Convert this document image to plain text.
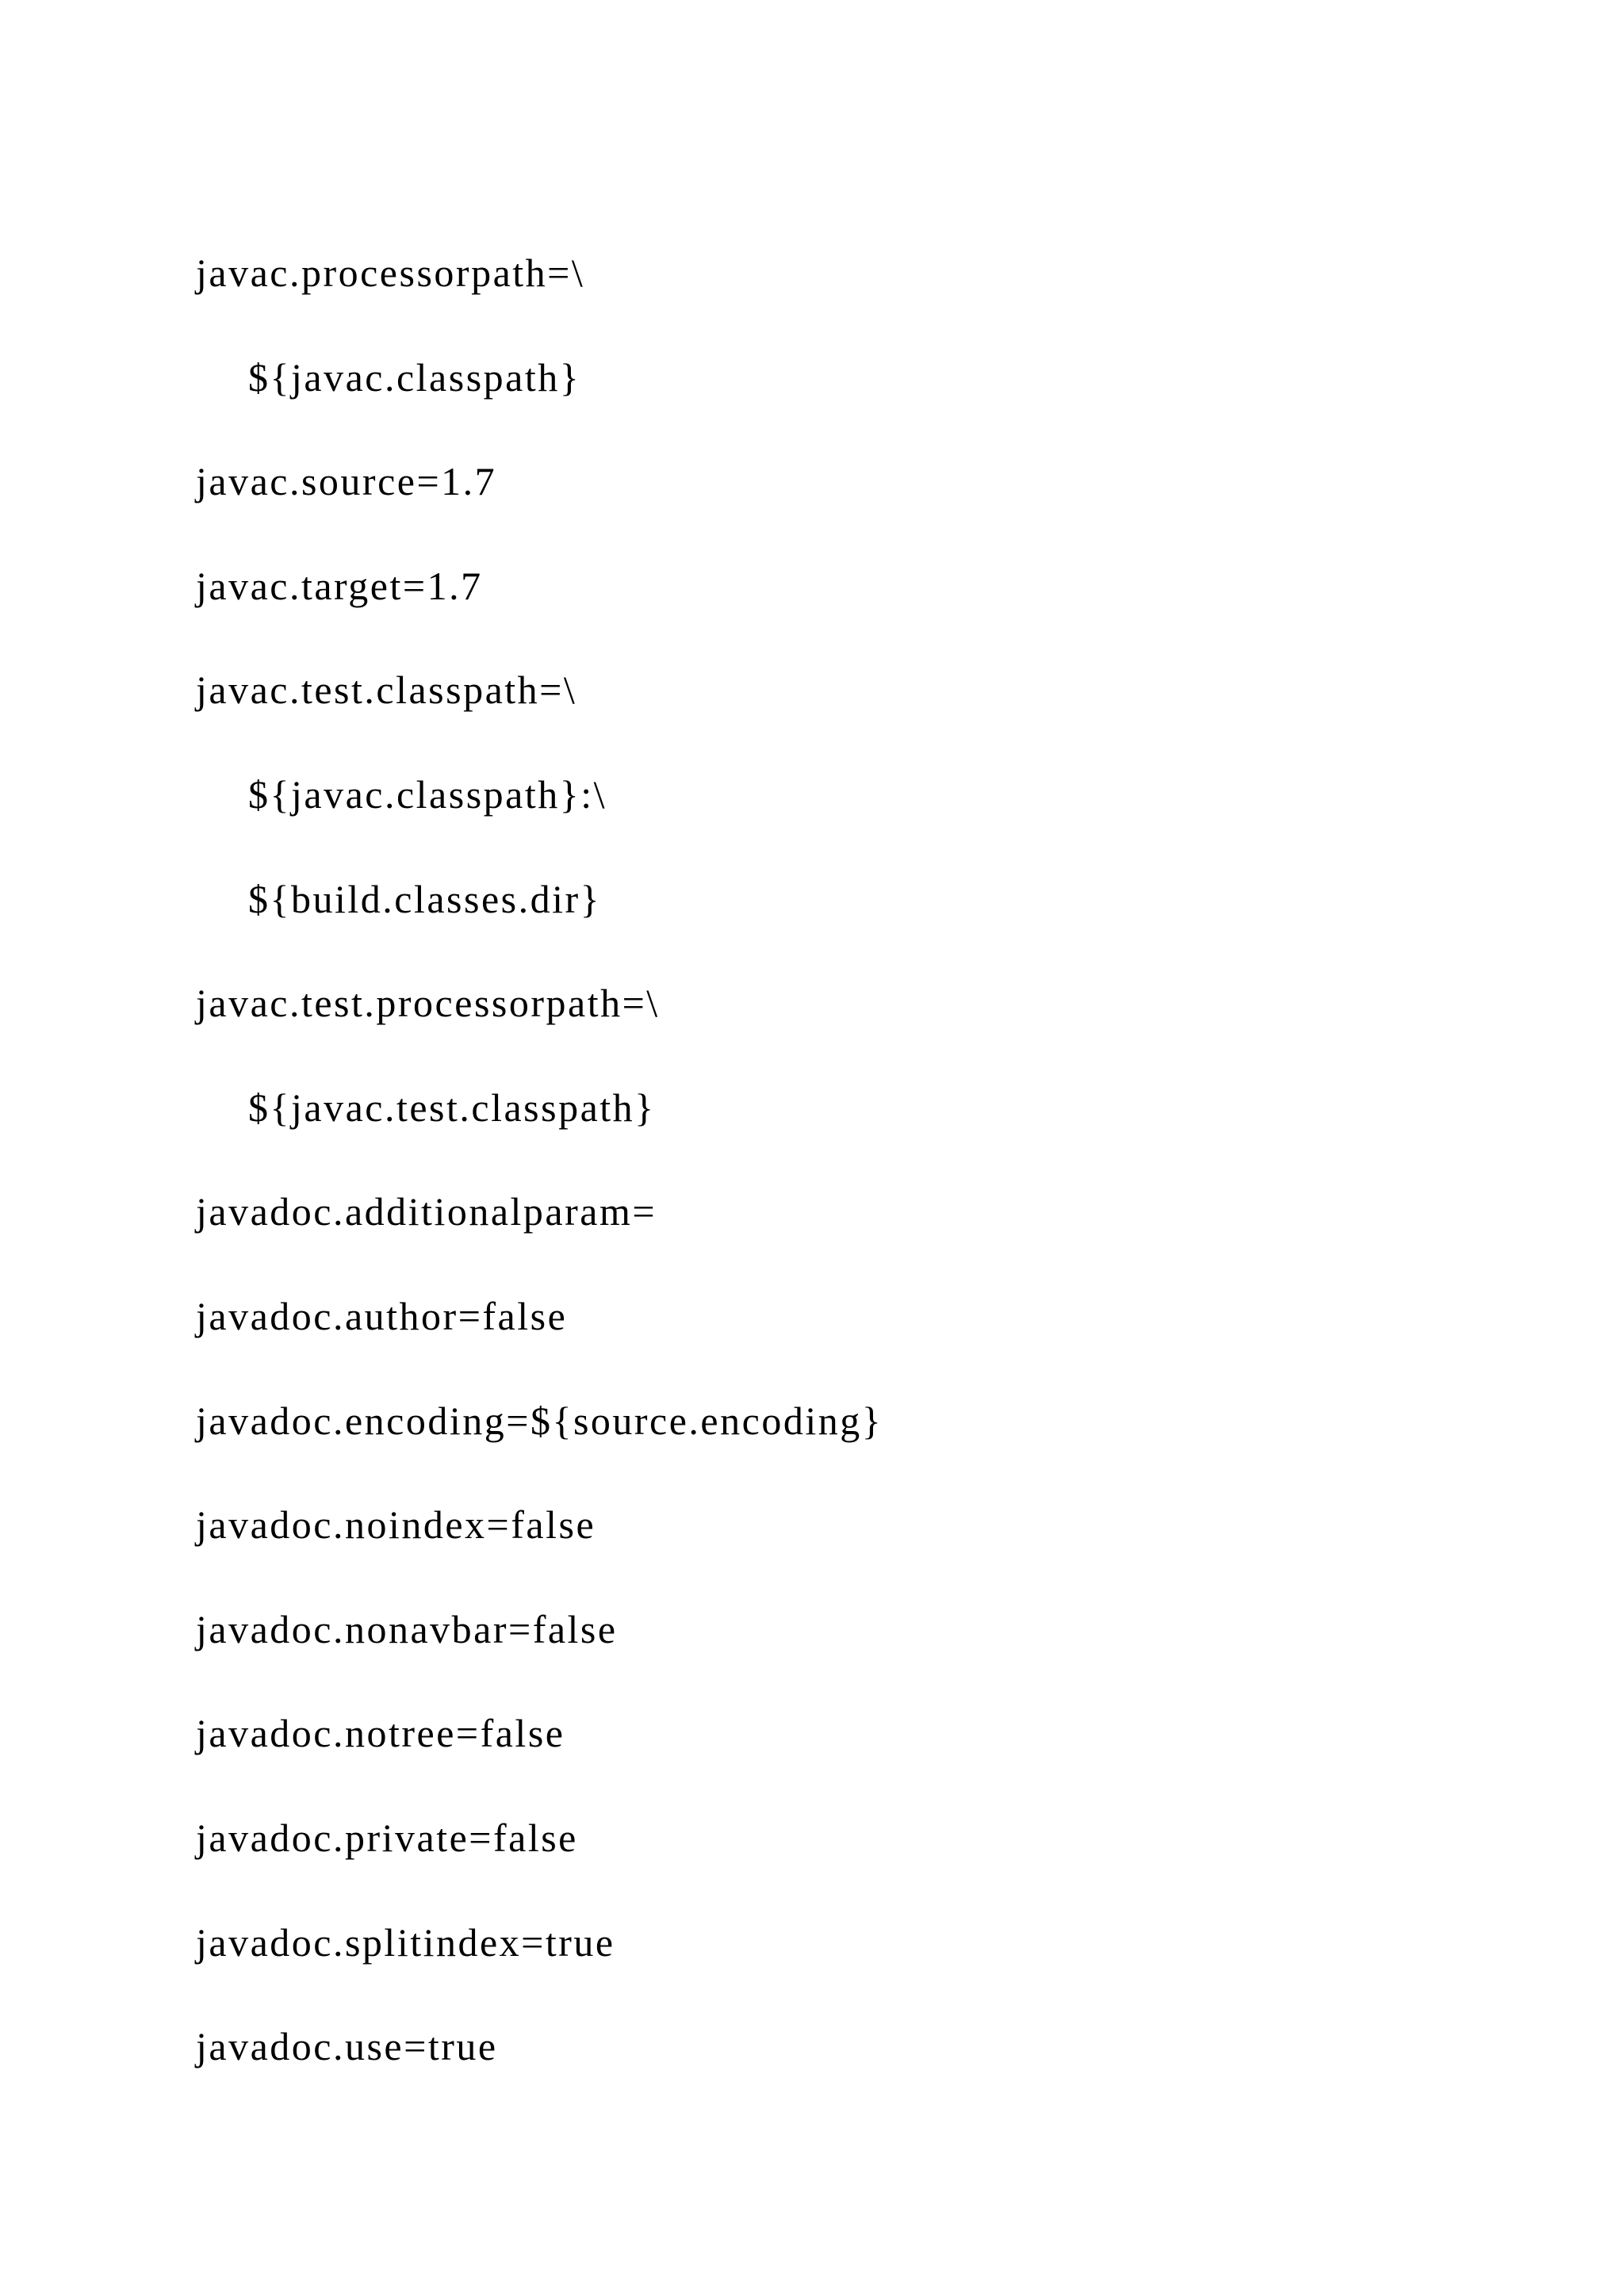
javac.processorpath=\
${javac.classpath}
javac.source=1.7
javac.target=1.7
javac.test.classpath=\
${javac.classpath}:\
${build.classes.dir}
javac.test.processorpath=\
${javac.test.classpath}
javadoc.additionalparam=
javadoc.author=false
javadoc.encoding=${source.encoding}
javadoc.noindex=false
javadoc.nonavbar=false
javadoc.notree=false
javadoc.private=false
javadoc.splitindex=true
javadoc.use=true
